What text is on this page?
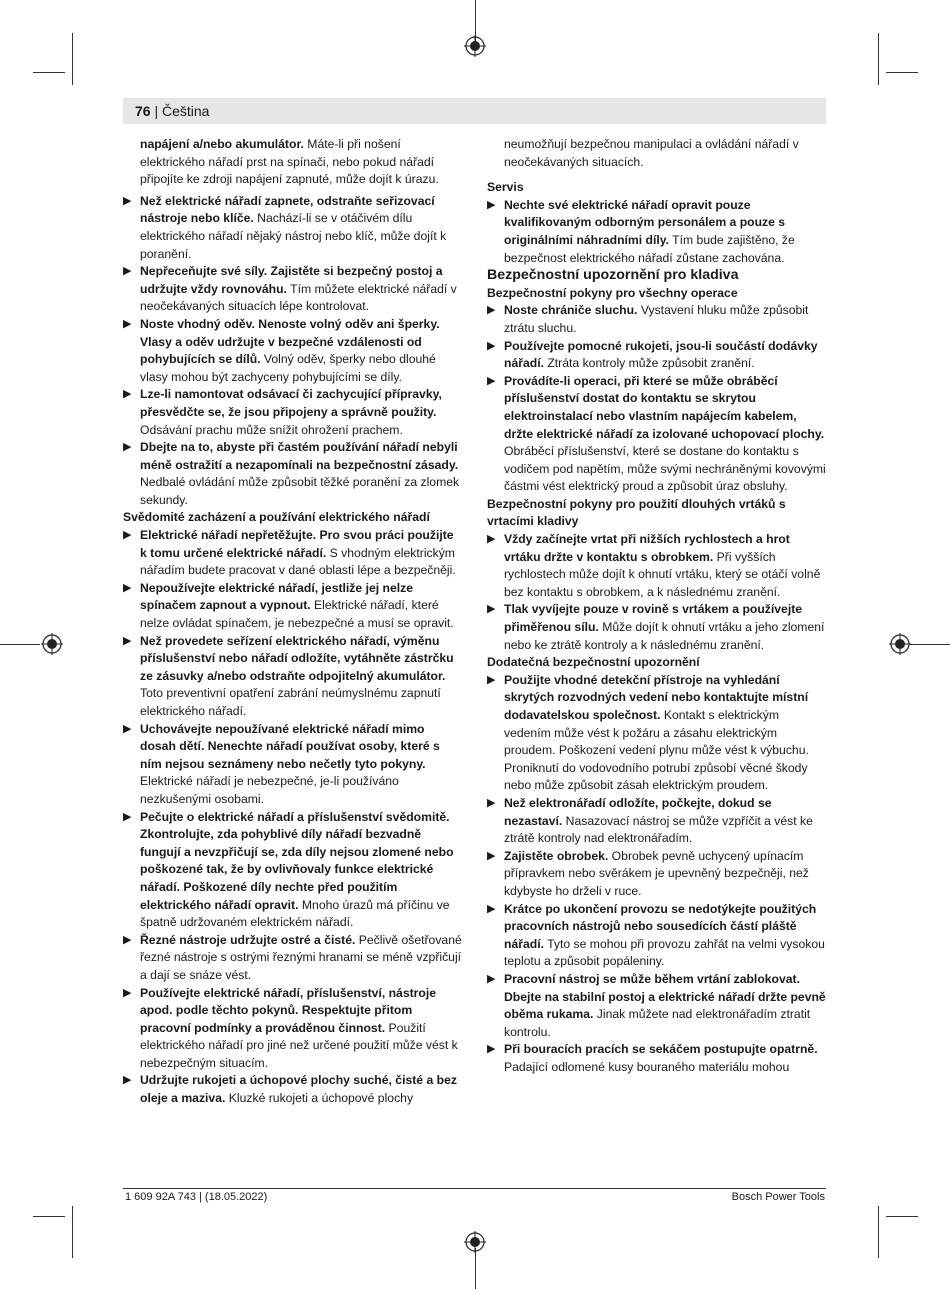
76 | Čeština

napájení a/nebo akumulátor. Máte-li při nošení elektrického nářadí prst na spínači, nebo pokud nářadí připojíte ke zdroji napájení zapnuté, může dojít k úrazu.

▶ Než elektrické nářadí zapnete, odstraňte seřizovací nástroje nebo klíče. Nachází-li se v otáčivém dílu elektrického nářadí nějaký nástroj nebo klíč, může dojít k poranění.

▶ Nepřeceňujte své síly. Zajistěte si bezpečný postoj a udržujte vždy rovnováhu. Tím můžete elektrické nářadí v neočekávaných situacích lépe kontrolovat.

▶ Noste vhodný oděv. Nenoste volný oděv ani šperky. Vlasy a oděv udržujte v bezpečné vzdálenosti od pohybujících se dílů. Volný oděv, šperky nebo dlouhé vlasy mohou být zachyceny pohybujícími se díly.

▶ Lze-li namontovat odsávací či zachycující přípravky, přesvědčte se, že jsou připojeny a správně použity. Odsávání prachu může snížit ohrožení prachem.

▶ Dbejte na to, abyste při častém používání nářadí nebyli méně ostražití a nezapomínali na bezpečnostní zásady. Nedbalé ovládání může způsobit těžké poranění za zlomek sekundy.

Svědomité zacházení a používání elektrického nářadí

▶ Elektrické nářadí nepřetěžujte. Pro svou práci použijte k tomu určené elektrické nářadí. S vhodným elektrickým nářadím budete pracovat v dané oblasti lépe a bezpečněji.

▶ Nepoužívejte elektrické nářadí, jestliže jej nelze spínačem zapnout a vypnout. Elektrické nářadí, které nelze ovládat spínačem, je nebezpečné a musí se opravit.

▶ Než provedete seřízení elektrického nářadí, výměnu příslušenství nebo nářadí odložíte, vytáhněte zástrčku ze zásuvky a/nebo odstraňte odpojitelný akumulátor. Toto preventivní opatření zabrání neúmyslnému zapnutí elektrického nářadí.

▶ Uchovávejte nepoužívané elektrické nářadí mimo dosah dětí. Nenechte nářadí používat osoby, které s ním nejsou seznámeny nebo nečetly tyto pokyny. Elektrické nářadí je nebezpečné, je-li používáno nezkušenými osobami.

▶ Pečujte o elektrické nářadí a příslušenství svědomitě. Zkontrolujte, zda pohyblivé díly nářadí bezvadně fungují a nevzpřičují se, zda díly nejsou zlomené nebo poškozené tak, že by ovlivňovaly funkce elektrické nářadí. Poškozené díly nechte před použitím elektrického nářadí opravit. Mnoho úrazů má příčinu ve špatně udržovaném elektrickém nářadí.

▶ Řezné nástroje udržujte ostré a čisté. Pečlivě ošetřované řezné nástroje s ostrými řeznými hranami se méně vzpřičují a dají se snáze vést.

▶ Používejte elektrické nářadí, příslušenství, nástroje apod. podle těchto pokynů. Respektujte přitom pracovní podmínky a prováděnou činnost. Použití elektrického nářadí pro jiné než určené použití může vést k nebezpečným situacím.

▶ Udržujte rukojeti a úchopové plochy suché, čisté a bez oleje a maziva. Kluzké rukojeti a úchopové plochy

neumožňují bezpečnou manipulaci a ovládání nářadí v neočekávaných situacích.

Servis

▶ Nechte své elektrické nářadí opravit pouze kvalifikovaným odborným personálem a pouze s originálními náhradními díly. Tím bude zajištěno, že bezpečnost elektrického nářadí zůstane zachována.

Bezpečnostní upozornění pro kladiva

Bezpečnostní pokyny pro všechny operace

▶ Noste chrániče sluchu. Vystavení hluku může způsobit ztrátu sluchu.

▶ Používejte pomocné rukojeti, jsou-li součástí dodávky nářadí. Ztráta kontroly může způsobit zranění.

▶ Provádíte-li operaci, při které se může obráběcí příslušenství dostat do kontaktu se skrytou elektroinstalací nebo vlastním napájecím kabelem, držte elektrické nářadí za izolované uchopovací plochy. Obráběcí příslušenství, které se dostane do kontaktu s vodičem pod napětím, může svými nechráněnými kovovými částmi vést elektrický proud a způsobit úraz obsluhy.

Bezpečnostní pokyny pro použití dlouhých vrtáků s vrtacími kladivy

▶ Vždy začínejte vrtat při nižších rychlostech a hrot vrtáku držte v kontaktu s obrobkem. Při vyšších rychlostech může dojít k ohnutí vrtáku, který se otáčí volně bez kontaktu s obrobkem, a k následnému zranění.

▶ Tlak vyvíjejte pouze v rovině s vrtákem a používejte přiměřenou sílu. Může dojít k ohnutí vrtáku a jeho zlomení nebo ke ztrátě kontroly a k následnému zranění.

Dodatečná bezpečnostní upozornění

▶ Použijte vhodné detekční přístroje na vyhledání skrytých rozvodných vedení nebo kontaktujte místní dodavatelskou společnost. Kontakt s elektrickým vedením může vést k požáru a zásahu elektrickým proudem. Poškození vedení plynu může vést k výbuchu. Proniknutí do vodovodního potrubí způsobí věcné škody nebo může způsobit zásah elektrickým proudem.

▶ Než elektronářadí odložíte, počkejte, dokud se nezastaví. Nasazovací nástroj se může vzpříčit a vést ke ztrátě kontroly nad elektronářadím.

▶ Zajistěte obrobek. Obrobek pevně uchycený upínacím přípravkem nebo svěrákem je upevněný bezpečněji, než kdybyste ho drželi v ruce.

▶ Krátce po ukončení provozu se nedotýkejte použitých pracovních nástrojů nebo sousedících částí pláště nářadí. Tyto se mohou při provozu zahřát na velmi vysokou teplotu a způsobit popáleniny.

▶ Pracovní nástroj se může během vrtání zablokovat. Dbejte na stabilní postoj a elektrické nářadí držte pevně oběma rukama. Jinak můžete nad elektronářadím ztratit kontrolu.

▶ Při bouracích pracích se sekáčem postupujte opatrně. Padající odlomené kusy bouraného materiálu mohou

1 609 92A 743 | (18.05.2022)	Bosch Power Tools
